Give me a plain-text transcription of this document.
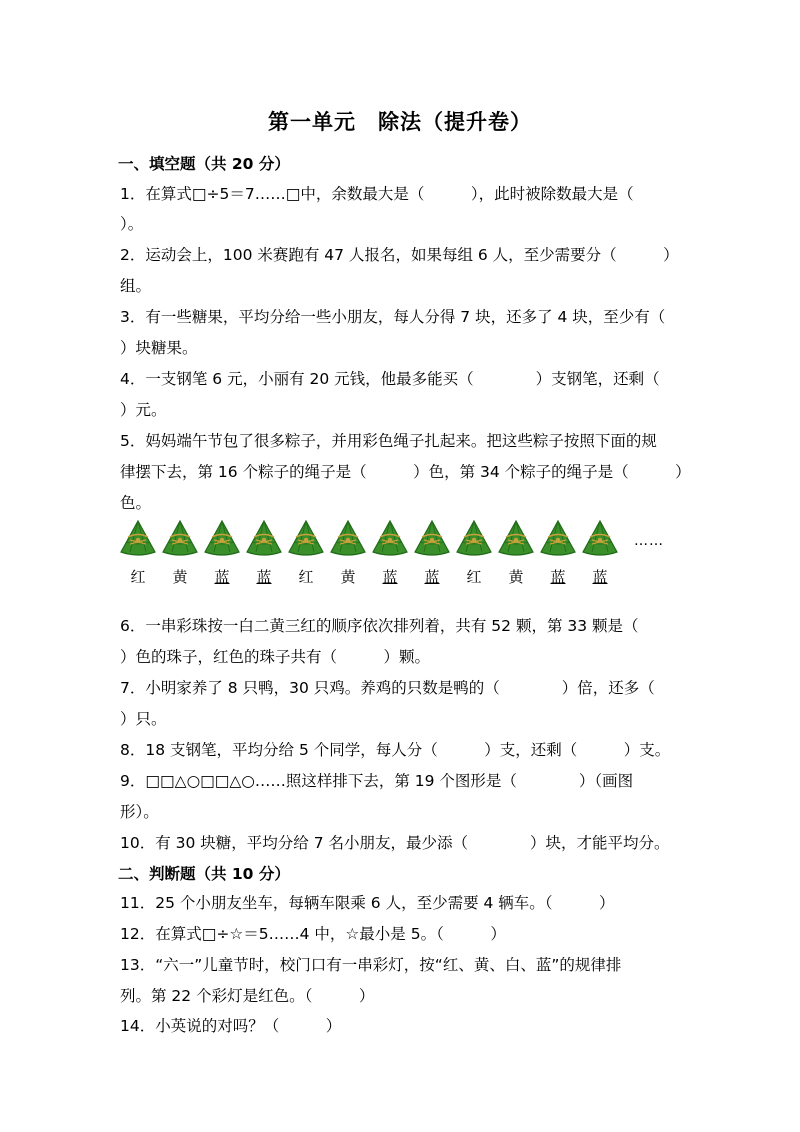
第一单元　除法（提升卷）
一、填空题（共 20 分）
1．在算式□÷5＝7……□中，余数最大是（　　　），此时被除数最大是（
）。
2．运动会上，100 米赛跑有 47 人报名，如果每组 6 人，至少需要分（　　　）
组。
3．有一些糖果，平均分给一些小朋友，每人分得 7 块，还多了 4 块，至少有（
）块糖果。
4．一支钢笔 6 元，小丽有 20 元钱，他最多能买（　　　　）支钢笔，还剩（
）元。
5．妈妈端午节包了很多粽子，并用彩色绳子扎起来。把这些粽子按照下面的规
律摆下去，第 16 个粽子的绳子是（　　　）色，第 34 个粽子的绳子是（　　　）
色。
……
红	黄	蓝	蓝	红	黄	蓝	蓝	红	黄	蓝	蓝
6．一串彩珠按一白二黄三红的顺序依次排列着，共有 52 颗，第 33 颗是（
）色的珠子，红色的珠子共有（　　　）颗。
7．小明家养了 8 只鸭，30 只鸡。养鸡的只数是鸭的（　　　　）倍，还多（
）只。
8．18 支钢笔，平均分给 5 个同学，每人分（　　　）支，还剩（　　　）支。
9．□□△○□□△○……照这样排下去，第 19 个图形是（　　　　）（画图
形）。
10．有 30 块糖，平均分给 7 名小朋友，最少添（　　　　）块，才能平均分。
二、判断题（共 10 分）
11．25 个小朋友坐车，每辆车限乘 6 人，至少需要 4 辆车。（　　　）
12．在算式□÷☆＝5……4 中，☆最小是 5。（　　　）
13．“六一”儿童节时，校门口有一串彩灯，按“红、黄、白、蓝”的规律排
列。第 22 个彩灯是红色。（　　　）
14．小英说的对吗？（　　　）
